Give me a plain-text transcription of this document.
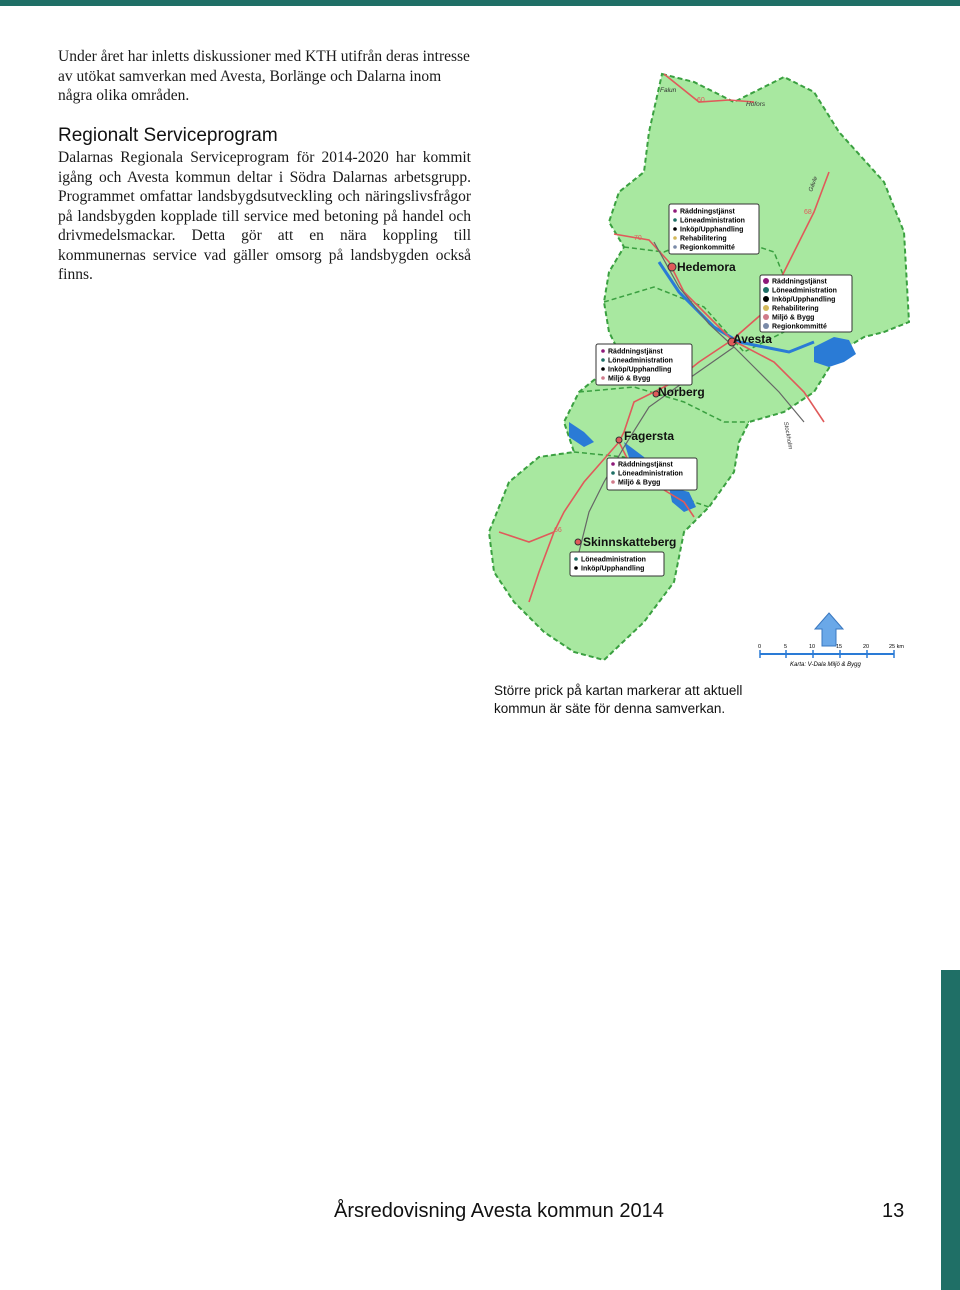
Under året har inletts diskussioner med KTH utifrån deras intresse av utökat samverkan med Avesta, Borlänge och Dalarna inom några olika områden.

Regionalt Serviceprogram

Dalarnas Regionala Serviceprogram för 2014-2020 har kommit igång och Avesta kommun deltar i Södra Dalarnas arbetsgrupp. Programmet omfattar landsbygdsutveckling och näringslivsfrågor på landsbygden kopplade till service med betoning på handel och drivmedelsmackar. Detta gör att en nära koppling till kommunernas service vad gäller omsorg på landsbygden också finns.

Falun
Hofors
Gävle
Stockholm
60
70
68
66
Hedemora
Avesta
Norberg
Fagersta
Skinnskatteberg
Räddningstjänst
Löneadministration
Inköp/Upphandling
Rehabilitering
Regionkommitté
Räddningstjänst
Löneadministration
Inköp/Upphandling
Rehabilitering
Miljö & Bygg
Regionkommitté
Räddningstjänst
Löneadministration
Inköp/Upphandling
Miljö & Bygg
Räddningstjänst
Löneadministration
Miljö & Bygg
Löneadministration
Inköp/Upphandling
0	5	10	15	20	25 km
Karta: V-Dala Miljö & Bygg

Större prick på kartan markerar att aktuell kommun är säte för denna samverkan.

Årsredovisning Avesta kommun 2014	13
